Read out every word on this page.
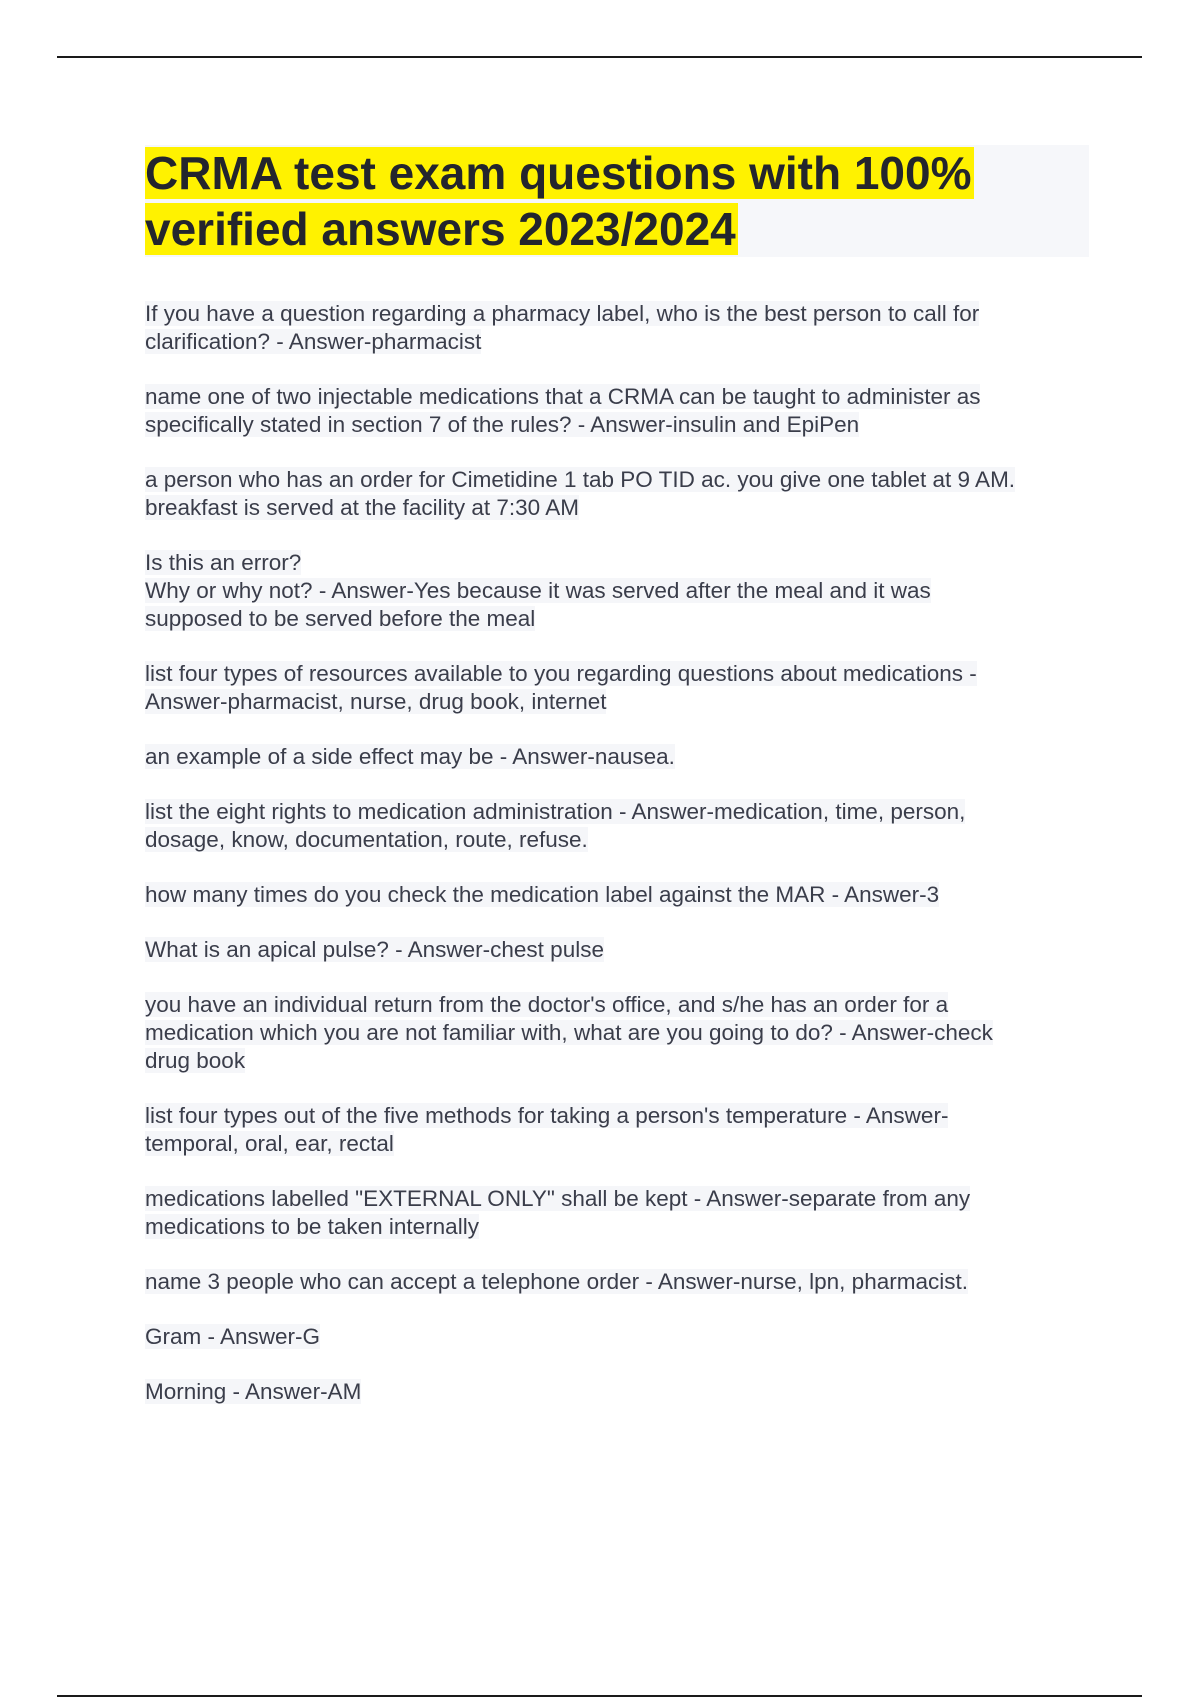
CRMA test exam questions with 100%
verified answers 2023/2024
If you have a question regarding a pharmacy label, who is the best person to call for
clarification? - Answer-pharmacist
name one of two injectable medications that a CRMA can be taught to administer as
specifically stated in section 7 of the rules? - Answer-insulin and EpiPen
a person who has an order for Cimetidine 1 tab PO TID ac. you give one tablet at 9 AM.
breakfast is served at the facility at 7:30 AM
Is this an error?
Why or why not? - Answer-Yes because it was served after the meal and it was
supposed to be served before the meal
list four types of resources available to you regarding questions about medications -
Answer-pharmacist, nurse, drug book, internet
an example of a side effect may be - Answer-nausea.
list the eight rights to medication administration - Answer-medication, time, person,
dosage, know, documentation, route, refuse.
how many times do you check the medication label against the MAR - Answer-3
What is an apical pulse? - Answer-chest pulse
you have an individual return from the doctor's office, and s/he has an order for a
medication which you are not familiar with, what are you going to do? - Answer-check
drug book
list four types out of the five methods for taking a person's temperature - Answer-
temporal, oral, ear, rectal
medications labelled "EXTERNAL ONLY" shall be kept - Answer-separate from any
medications to be taken internally
name 3 people who can accept a telephone order - Answer-nurse, lpn, pharmacist.
Gram - Answer-G
Morning - Answer-AM
